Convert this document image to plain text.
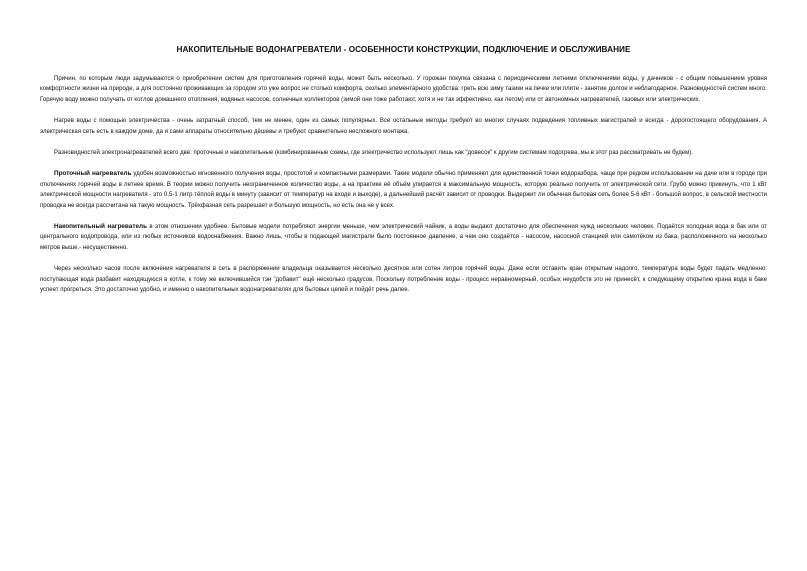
НАКОПИТЕЛЬНЫЕ ВОДОНАГРЕВАТЕЛИ - ОСОБЕННОСТИ КОНСТРУКЦИИ, ПОДКЛЮЧЕНИЕ И ОБСЛУЖИВАНИЕ

Причин, по которым люди задумываются о приобретении систем для приготовления горячей воды, может быть несколько. У горожан покупка связана с периодическими летними отключениями воды, у дачников - с общим повышением уровня комфортности жизни на природе, а для постоянно проживающих за городом это уже вопрос не столько комфорта, сколько элементарного удобства: греть всю зиму тазики на печке или плите - занятие долгое и неблагодарное. Разновидностей систем много. Горячую воду можно получать от котлов домашнего отопления, водяных насосов, солнечных коллекторов (зимой они тоже работают, хотя и не так эффективно, как летом) или от автономных нагревателей, газовых или электрических.

Нагрев воды с помощью электричества - очень затратный способ, тем не менее, один из самых популярных. Все остальные методы требуют во многих случаях подведения топливных магистралей и всегда - дорогостоящего оборудования. А электрическая сеть есть в каждом доме, да и сами аппараты относительно дёшевы и требуют сравнительно несложного монтажа.

Разновидностей электронагревателей всего две: проточные и накопительные (комбинированные схемы, где электричество используют лишь как "довесок" к другим системам подогрева, мы в этот раз рассматривать не будем).

Проточный нагреватель удобен возможностью мгновенного получения воды, простотой и компактными размерами. Такие модели обычно применяют для единственной точки водоразбора, чаще при редком использовании на даче или в городе при отключениях горячей воды в летнее время. В теории можно получить неограниченное количество воды, а на практике её объём упирается в максимальную мощность, которую реально получить от электрической сети. Грубо можно прикинуть, что 1 кВт электрической мощности нагревателя - это 0,5-1 литр тёплой воды в минуту (зависит от температур на входе и выходе), а дальнейший расчёт зависит от проводки. Выдержит ли обычная бытовая сеть более 5-6 кВт - большой вопрос, в сельской местности проводка не всегда рассчитана на такую мощность. Трёхфазная сеть разрешает и большую мощность, но есть она не у всех.

Накопительный нагреватель в этом отношении удобнее. Бытовые модели потребляют энергии меньше, чем электрический чайник, а воды выдают достаточно для обеспечения нужд нескольких человек. Подаётся холодная вода в бак или от центрального водопровода, или из любых источников водоснабжения. Важно лишь, чтобы в подающей магистрали было постоянное давление, а чем оно создаётся - насосом, насосной станцией или самотёком из бака, расположенного на несколько метров выше,- несущественно.

Через несколько часов после включения нагревателя в сеть в распоряжении владельца оказывается несколько десятков или сотен литров горячей воды. Даже если оставить кран открытым надолго, температура воды будет падать медленно: поступающая вода разбавит находящуюся в котле, к тому же включившийся тэн "добавит" ещё несколько градусов. Поскольку потребление воды - процесс неравномерный, особых неудобств это не принесёт, к следующему открытию крана вода в баке успеет прогреться. Это достаточно удобно, и именно о накопительных водонагревателях для бытовых целей и пойдёт речь далее.
